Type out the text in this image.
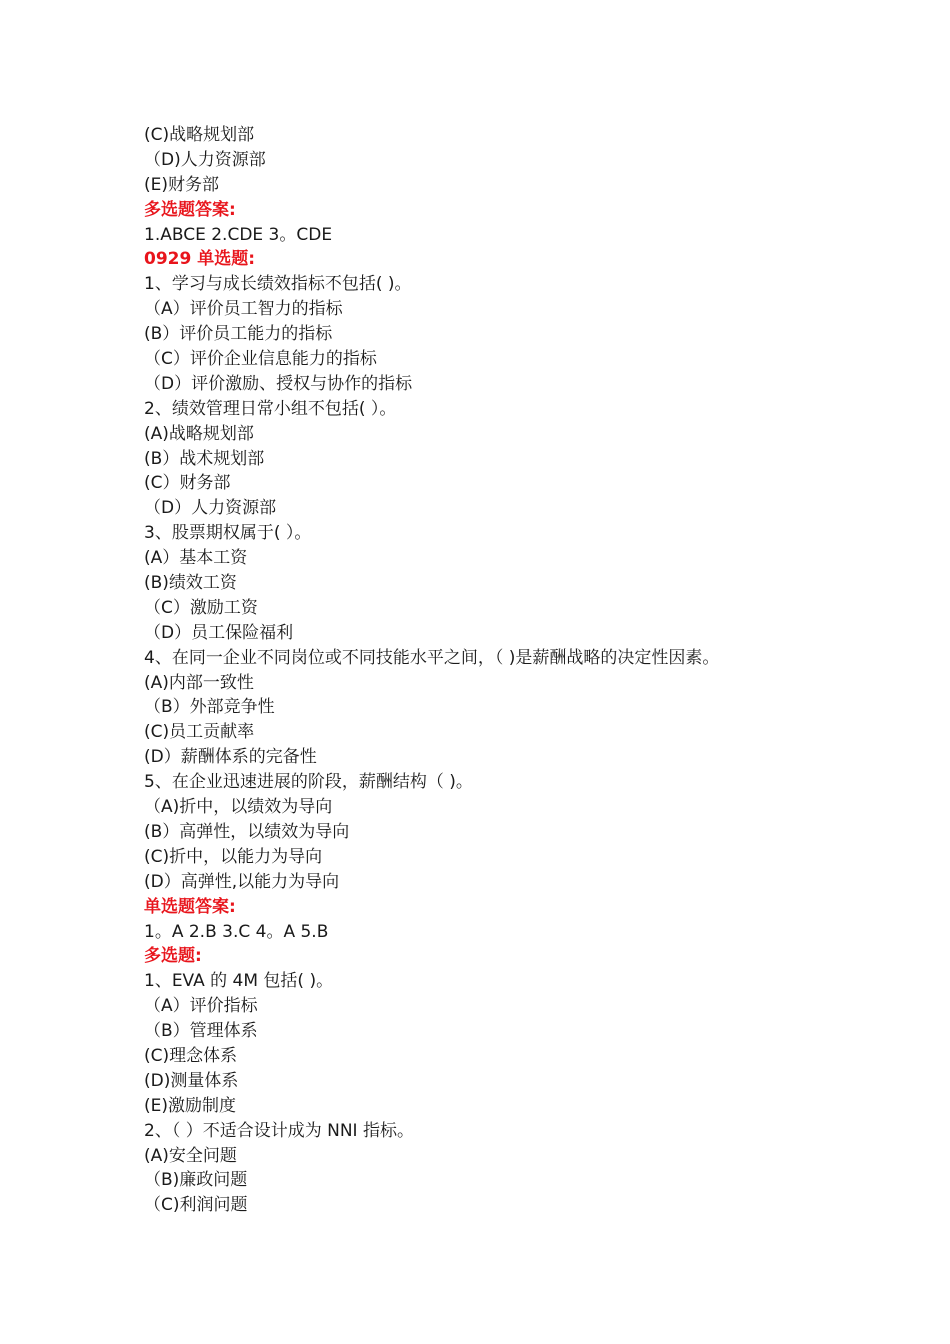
(C)战略规划部
（D)人力资源部
(E)财务部
多选题答案:
1.ABCE 2.CDE 3。CDE
0929 单选题:
1、学习与成长绩效指标不包括( )。
（A）评价员工智力的指标
(B）评价员工能力的指标
（C）评价企业信息能力的指标
（D）评价激励、授权与协作的指标
2、绩效管理日常小组不包括( ）。
(A)战略规划部
(B）战术规划部
(C）财务部
（D）人力资源部
3、股票期权属于( ）。
(A）基本工资
(B)绩效工资
（C）激励工资
（D）员工保险福利
4、在同一企业不同岗位或不同技能水平之间，（ )是薪酬战略的决定性因素。
(A)内部一致性
（B）外部竞争性
(C)员工贡献率
(D）薪酬体系的完备性
5、在企业迅速进展的阶段，薪酬结构（ )。
（A)折中，以绩效为导向
(B）高弹性，以绩效为导向
(C)折中，以能力为导向
(D）高弹性,以能力为导向
单选题答案:
1。A 2.B 3.C 4。A 5.B
多选题:
1、EVA 的 4M 包括( )。
（A）评价指标
（B）管理体系
(C)理念体系
(D)测量体系
(E)激励制度
2、（ ）不适合设计成为 NNI 指标。
(A)安全问题
（B)廉政问题
（C)利润问题
